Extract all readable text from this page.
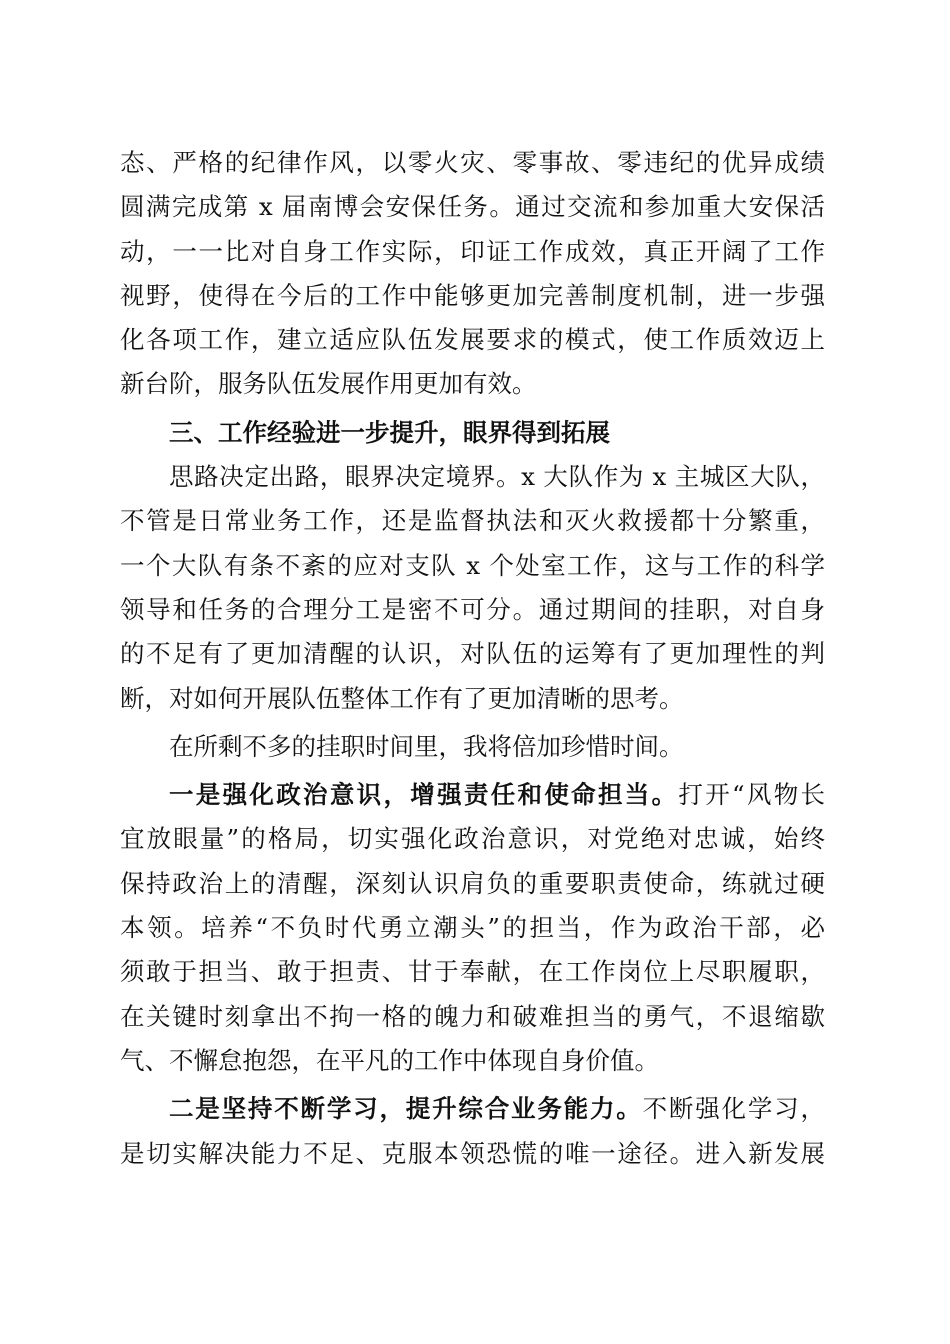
态、严格的纪律作风，以零火灾、零事故、零违纪的优异成绩
圆满完成第 x 届南博会安保任务。通过交流和参加重大安保活
动，一一比对自身工作实际，印证工作成效，真正开阔了工作
视野，使得在今后的工作中能够更加完善制度机制，进一步强
化各项工作，建立适应队伍发展要求的模式，使工作质效迈上
新台阶，服务队伍发展作用更加有效。
三、工作经验进一步提升，眼界得到拓展
思路决定出路，眼界决定境界。x 大队作为 x 主城区大队，
不管是日常业务工作，还是监督执法和灭火救援都十分繁重，
一个大队有条不紊的应对支队 x 个处室工作，这与工作的科学
领导和任务的合理分工是密不可分。通过期间的挂职，对自身
的不足有了更加清醒的认识，对队伍的运筹有了更加理性的判
断，对如何开展队伍整体工作有了更加清晰的思考。
在所剩不多的挂职时间里，我将倍加珍惜时间。
一是强化政治意识，增强责任和使命担当。打开“风物长
宜放眼量”的格局，切实强化政治意识，对党绝对忠诚，始终
保持政治上的清醒，深刻认识肩负的重要职责使命，练就过硬
本领。培养“不负时代勇立潮头”的担当，作为政治干部，必
须敢于担当、敢于担责、甘于奉献，在工作岗位上尽职履职，
在关键时刻拿出不拘一格的魄力和破难担当的勇气，不退缩歇
气、不懈怠抱怨，在平凡的工作中体现自身价值。
二是坚持不断学习，提升综合业务能力。不断强化学习，
是切实解决能力不足、克服本领恐慌的唯一途径。进入新发展
